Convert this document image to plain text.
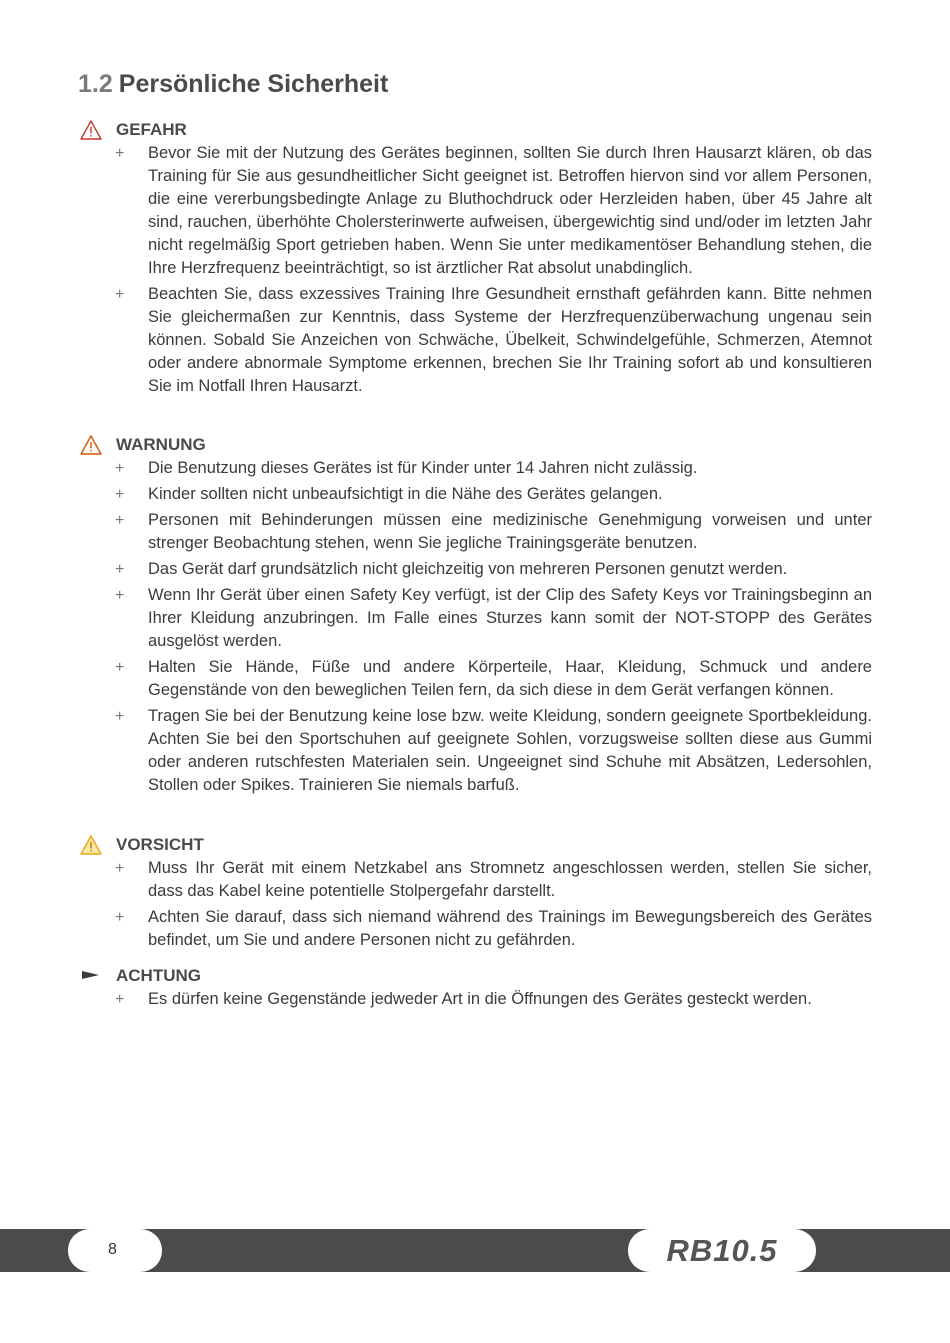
1.2 Persönliche Sicherheit
GEFAHR
+ Bevor Sie mit der Nutzung des Gerätes beginnen, sollten Sie durch Ihren Hausarzt klären, ob das Training für Sie aus gesundheitlicher Sicht geeignet ist. Betroffen hiervon sind vor allem Personen, die eine vererbungsbedingte Anlage zu Bluthochdruck oder Herzleiden haben, über 45 Jahre alt sind, rauchen, überhöhte Cholersterinwerte aufweisen, übergewichtig sind und/oder im letzten Jahr nicht regelmäßig Sport getrieben haben. Wenn Sie unter medikamentöser Behandlung stehen, die Ihre Herzfrequenz beeinträchtigt, so ist ärztlicher Rat absolut unabdinglich.
+ Beachten Sie, dass exzessives Training Ihre Gesundheit ernsthaft gefährden kann. Bitte nehmen Sie gleichermaßen zur Kenntnis, dass Systeme der Herzfrequenzüberwachung ungenau sein können. Sobald Sie Anzeichen von Schwäche, Übelkeit, Schwindelgefühle, Schmerzen, Atemnot oder andere abnormale Symptome erkennen, brechen Sie Ihr Training sofort ab und konsultieren Sie im Notfall Ihren Hausarzt.
WARNUNG
+ Die Benutzung dieses Gerätes ist für Kinder unter 14 Jahren nicht zulässig.
+ Kinder sollten nicht unbeaufsichtigt in die Nähe des Gerätes gelangen.
+ Personen mit Behinderungen müssen eine medizinische Genehmigung vorweisen und unter strenger Beobachtung stehen, wenn Sie jegliche Trainingsgeräte benutzen.
+ Das Gerät darf grundsätzlich nicht gleichzeitig von mehreren Personen genutzt werden.
+ Wenn Ihr Gerät über einen Safety Key verfügt, ist der Clip des Safety Keys vor Trainingsbeginn an Ihrer Kleidung anzubringen. Im Falle eines Sturzes kann somit der NOT-STOPP des Gerätes ausgelöst werden.
+ Halten Sie Hände, Füße und andere Körperteile, Haar, Kleidung, Schmuck und andere Gegenstände von den beweglichen Teilen fern, da sich diese in dem Gerät verfangen können.
+ Tragen Sie bei der Benutzung keine lose bzw. weite Kleidung, sondern geeignete Sportbekleidung. Achten Sie bei den Sportschuhen auf geeignete Sohlen, vorzugsweise sollten diese aus Gummi oder anderen rutschfesten Materialen sein. Ungeeignet sind Schuhe mit Absätzen, Ledersohlen, Stollen oder Spikes. Trainieren Sie niemals barfuß.
VORSICHT
+ Muss Ihr Gerät mit einem Netzkabel ans Stromnetz angeschlossen werden, stellen Sie sicher, dass das Kabel keine potentielle Stolpergefahr darstellt.
+ Achten Sie darauf, dass sich niemand während des Trainings im Bewegungsbereich des Gerätes befindet, um Sie und andere Personen nicht zu gefährden.
ACHTUNG
+ Es dürfen keine Gegenstände jedweder Art in die Öffnungen des Gerätes gesteckt werden.
8	RB10.5
